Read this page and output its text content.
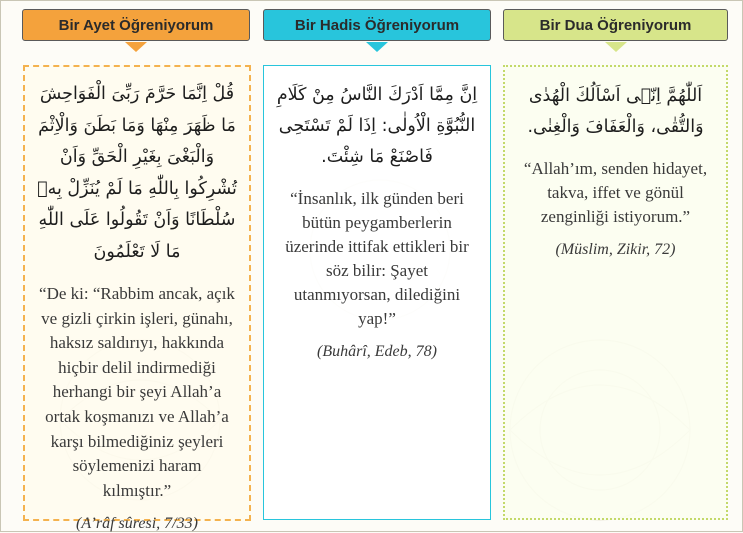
Bir Ayet Öğreniyorum	Bir Hadis Öğreniyorum	Bir Dua Öğreniyorum
قُلْ اِنَّمَا حَرَّمَ رَبِّىَ الْفَوَاحِشَ مَا ظَهَرَ مِنْهَا وَمَا بَطَنَ وَالْاِثْمَ وَالْبَغْىَ بِغَيْرِ الْحَقِّ وَاَنْ تُشْرِكُوا بِاللّٰهِ مَا لَمْ يُنَزِّلْ بِه۪ سُلْطَانًا وَاَنْ تَقُولُوا عَلَى اللّٰهِ مَا لَا تَعْلَمُونَ
“De ki: “Rabbim ancak, açık ve gizli çirkin işleri, günahı, haksız saldırıyı, hakkında hiçbir delil indirmediği herhangi bir şeyi Allah’a ortak koşmanızı ve Allah’a karşı bilmediğiniz şeyleri söylemenizi haram kılmıştır.”
(A’râf sûresi, 7/33)
اِنَّ مِمَّا اَدْرَكَ النَّاسُ مِنْ كَلَامِ النُّبُوَّةِ الْاُولٰى: اِذَا لَمْ تَسْتَحِى فَاصْنَعْ مَا شِئْتَ.
“İnsanlık, ilk günden beri bütün peygamberlerin üzerinde ittifak ettikleri bir söz bilir: Şayet utanmıyorsan, dilediğini yap!”
(Buhârî, Edeb, 78)
اَللّٰهُمَّ اِنّ۪ى اَسْاَلُكَ الْهُدٰى وَالتُّقٰى، وَالْعَفَافَ وَالْغِنٰى.
“Allah’ım, senden hidayet, takva, iffet ve gönül zenginliği istiyorum.”
(Müslim, Zikir, 72)
